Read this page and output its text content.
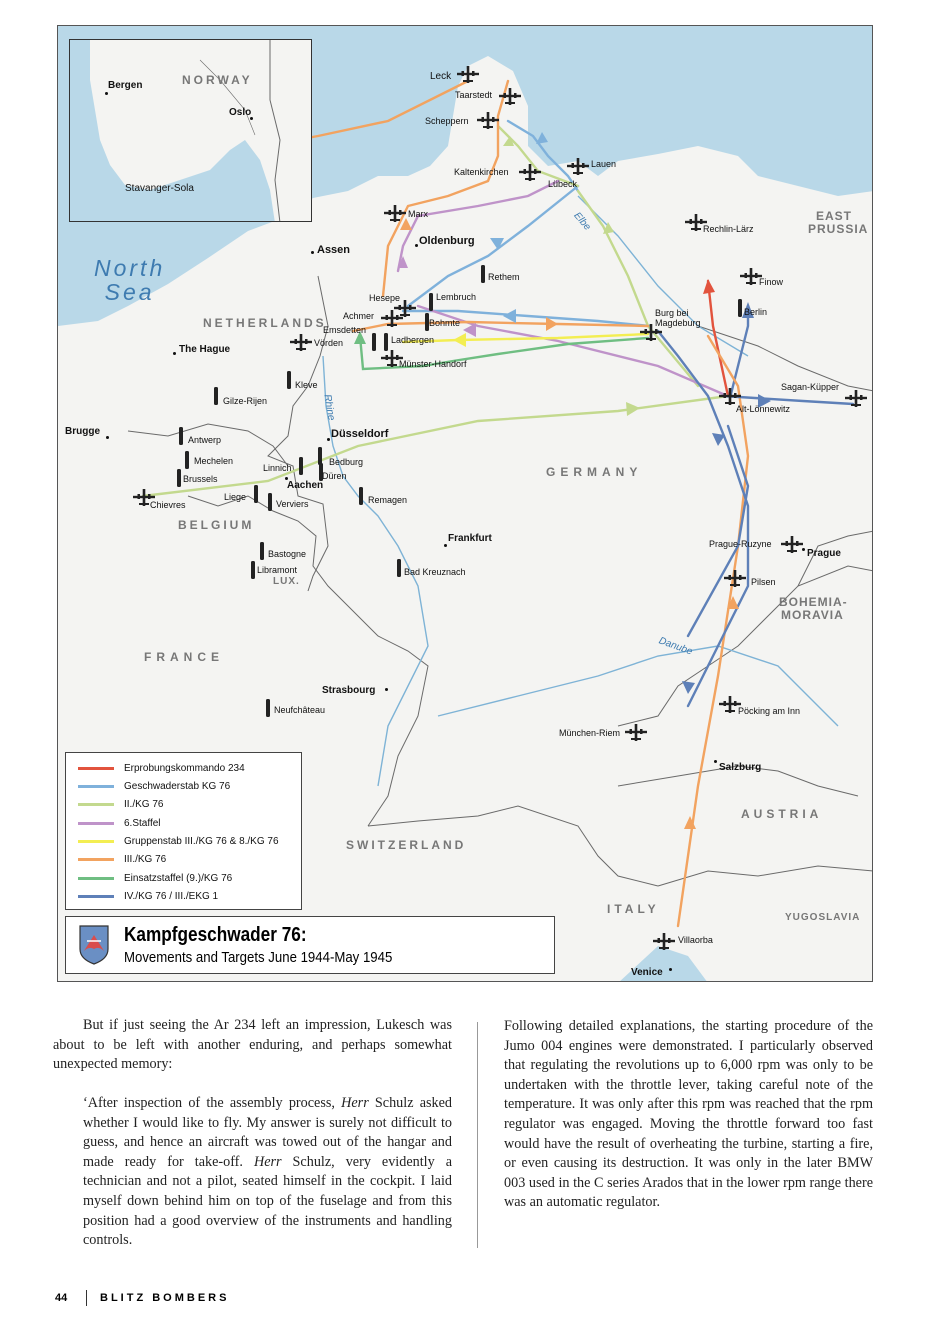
NORWAY
Bergen
Oslo
Stavanger-Sola
North
Sea
NETHERLANDS
BELGIUM
LUX.
FRANCE
GERMANY
SWITZERLAND
ITALY
AUSTRIA
YUGOSLAVIA
EAST
PRUSSIA
BOHEMIA-
MORAVIA
Elbe
Rhine
Danube
Leck
Taarstedt
Scheppern
Kaltenkirchen
Lauen
Lübeck
Marx
Oldenburg
Assen
Rechlin-Lärz
Rethem	Finow
Hesepe	Lembruch
Achmer
Bohmte
Emsdetten
Vörden	Ladbergen
Burg bei
Magdeburg
Berlin
The Hague
Münster-Handorf
Kleve	Sagan-Küpper
Alt-Lönnewitz
Gilze-Rijen
Brugge	Düsseldorf
Antwerp
Mechelen	Bedburg
Linnich
Brussels	Düren
Aachen
Liege
Chievres	Verviers	Remagen
Frankfurt	Prague-Ruzyne
Prague
Bastogne
Libramont	Bad Kreuznach
Pilsen
Strasbourg
Neufchâteau	Pöcking am Inn
München-Riem
Salzburg
Villaorba
Venice
Erprobungskommando 234
Geschwaderstab KG 76
II./KG 76
6.Staffel
Gruppenstab III./KG 76 & 8./KG 76
III./KG 76
Einsatzstaffel (9.)/KG 76
IV./KG 76 / III./EKG 1
Kampfgeschwader 76:
Movements and Targets June 1944-May 1945

But if just seeing the Ar 234 left an impression, Lukesch was about to be left with another enduring, and perhaps somewhat unexpected memory:

‘After inspection of the assembly process, Herr Schulz asked whether I would like to fly. My answer is surely not difficult to guess, and hence an aircraft was towed out of the hangar and made ready for take-off. Herr Schulz, very evidently a technician and not a pilot, seated himself in the cockpit. I laid myself down behind him on top of the fuselage and from this position had a good overview of the instruments and handling controls.

Following detailed explanations, the starting procedure of the Jumo 004 engines were demonstrated. I particularly observed that regulating the revolutions up to 6,000 rpm was only to be undertaken with the throttle lever, taking careful note of the temperature. It was only after this rpm was reached that the rpm regulator was engaged. Moving the throttle forward too fast would have the result of overheating the turbine, starting a fire, or even causing its destruction. It was only in the later BMW 003 used in the C series Arados that in the lower rpm range there was an automatic regulator.

44	BLITZ BOMBERS
